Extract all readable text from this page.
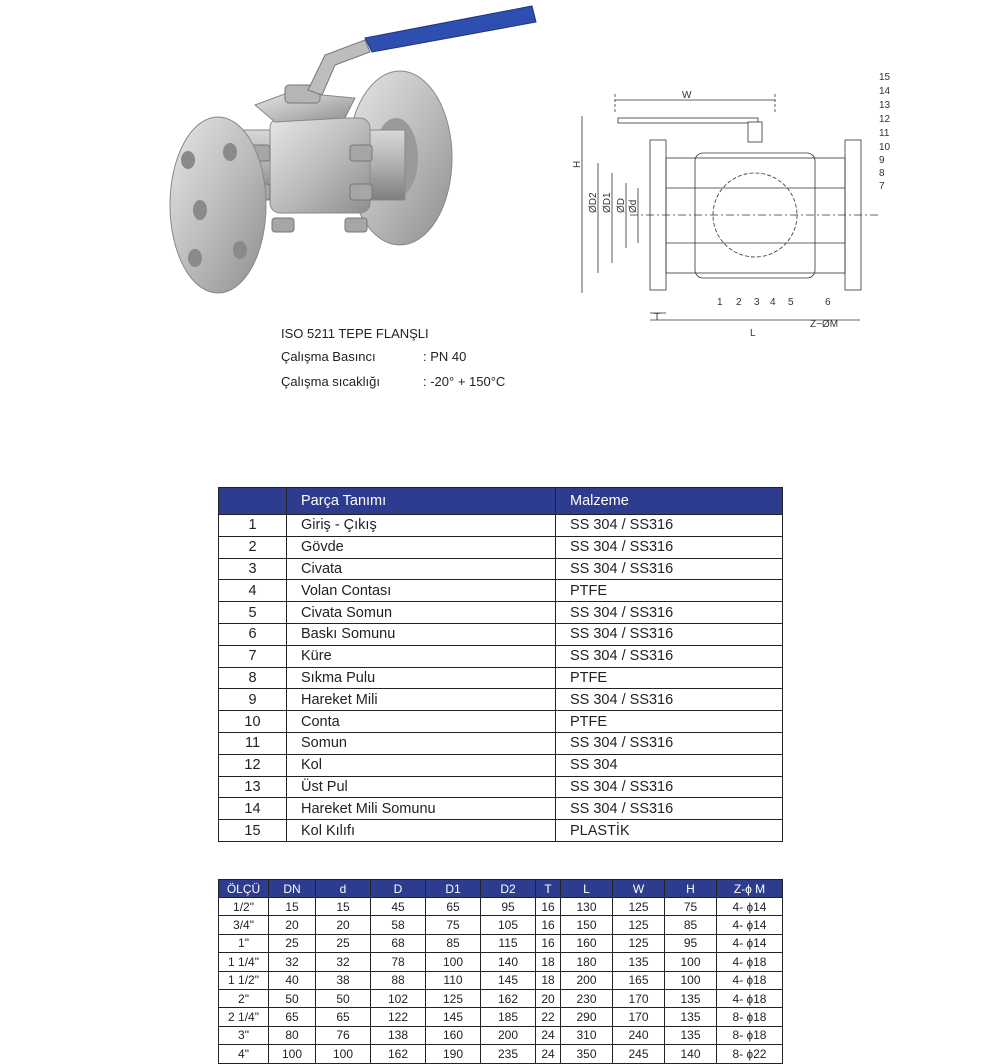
ISO 5211 TEPE FLANŞLI
Çalışma Basıncı	: PN 40
Çalışma sıcaklığı	: -20° + 150°C
W
H
ØD2 ØD1 ØD Ød
15
14
13
12
11
10
9
8
7
1 2 3 4 5	6
T
L
Z−ØM
	Parça Tanımı	Malzeme
1	Giriş - Çıkış	SS 304 / SS316
2	Gövde	SS 304 / SS316
3	Civata	SS 304 / SS316
4	Volan Contası	PTFE
5	Civata Somun	SS 304 / SS316
6	Baskı Somunu	SS 304 / SS316
7	Küre	SS 304 / SS316
8	Sıkma Pulu	PTFE
9	Hareket Mili	SS 304 / SS316
10	Conta	PTFE
11	Somun	SS 304 / SS316
12	Kol	SS 304
13	Üst Pul	SS 304 / SS316
14	Hareket Mili Somunu	SS 304 / SS316
15	Kol Kılıfı	PLASTİK
ÖLÇÜ	DN	d	D	D1	D2	T	L	W	H	Z-ɸ M
1/2"	15	15	45	65	95	16	130	125	75	4- ɸ14
3/4"	20	20	58	75	105	16	150	125	85	4- ɸ14
1"	25	25	68	85	115	16	160	125	95	4- ɸ14
1 1/4"	32	32	78	100	140	18	180	135	100	4- ɸ18
1 1/2"	40	38	88	110	145	18	200	165	100	4- ɸ18
2"	50	50	102	125	162	20	230	170	135	4- ɸ18
2 1/4"	65	65	122	145	185	22	290	170	135	8- ɸ18
3"	80	76	138	160	200	24	310	240	135	8- ɸ18
4"	100	100	162	190	235	24	350	245	140	8- ɸ22
